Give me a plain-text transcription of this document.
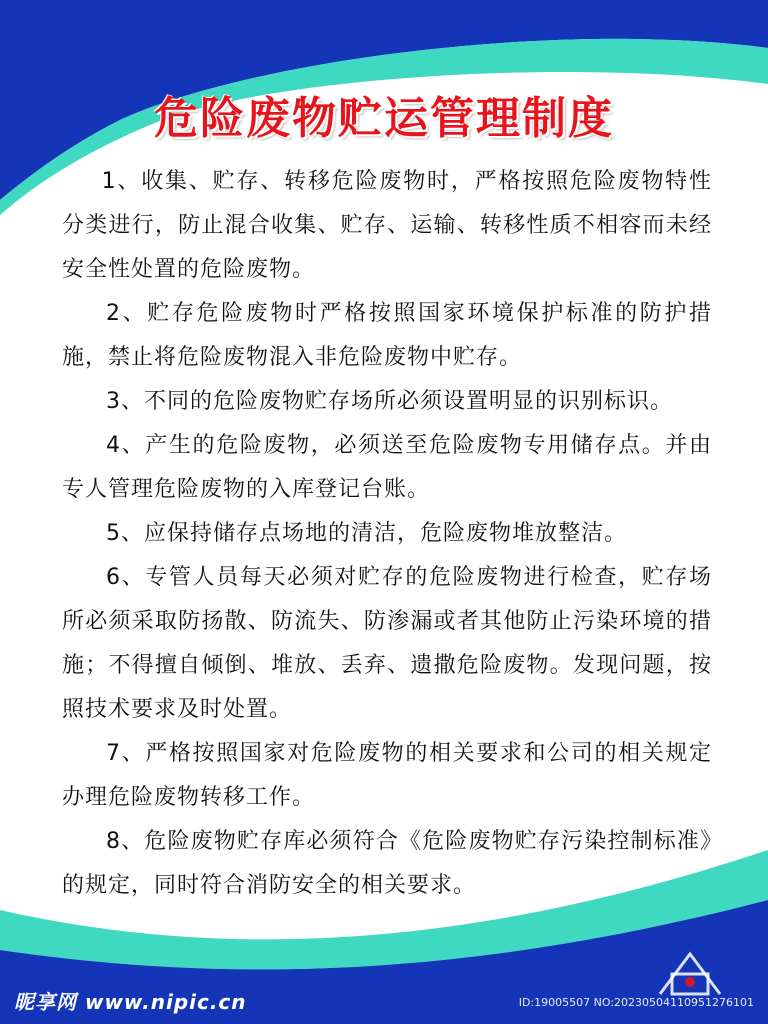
危险废物贮运管理制度

1、收集、贮存、转移危险废物时，严格按照危险废物特性分类进行，防止混合收集、贮存、运输、转移性质不相容而未经安全性处置的危险废物。

2、贮存危险废物时严格按照国家环境保护标准的防护措施，禁止将危险废物混入非危险废物中贮存。

3、不同的危险废物贮存场所必须设置明显的识别标识。

4、产生的危险废物，必须送至危险废物专用储存点。并由专人管理危险废物的入库登记台账。

5、应保持储存点场地的清洁，危险废物堆放整洁。

6、专管人员每天必须对贮存的危险废物进行检查，贮存场所必须采取防扬散、防流失、防渗漏或者其他防止污染环境的措施；不得擅自倾倒、堆放、丢弃、遗撒危险废物。发现问题，按照技术要求及时处置。

7、严格按照国家对危险废物的相关要求和公司的相关规定办理危险废物转移工作。

8、危险废物贮存库必须符合《危险废物贮存污染控制标准》的规定，同时符合消防安全的相关要求。

昵享网 www.nipic.cn	ID:19005507 NO:20230504110951276101
